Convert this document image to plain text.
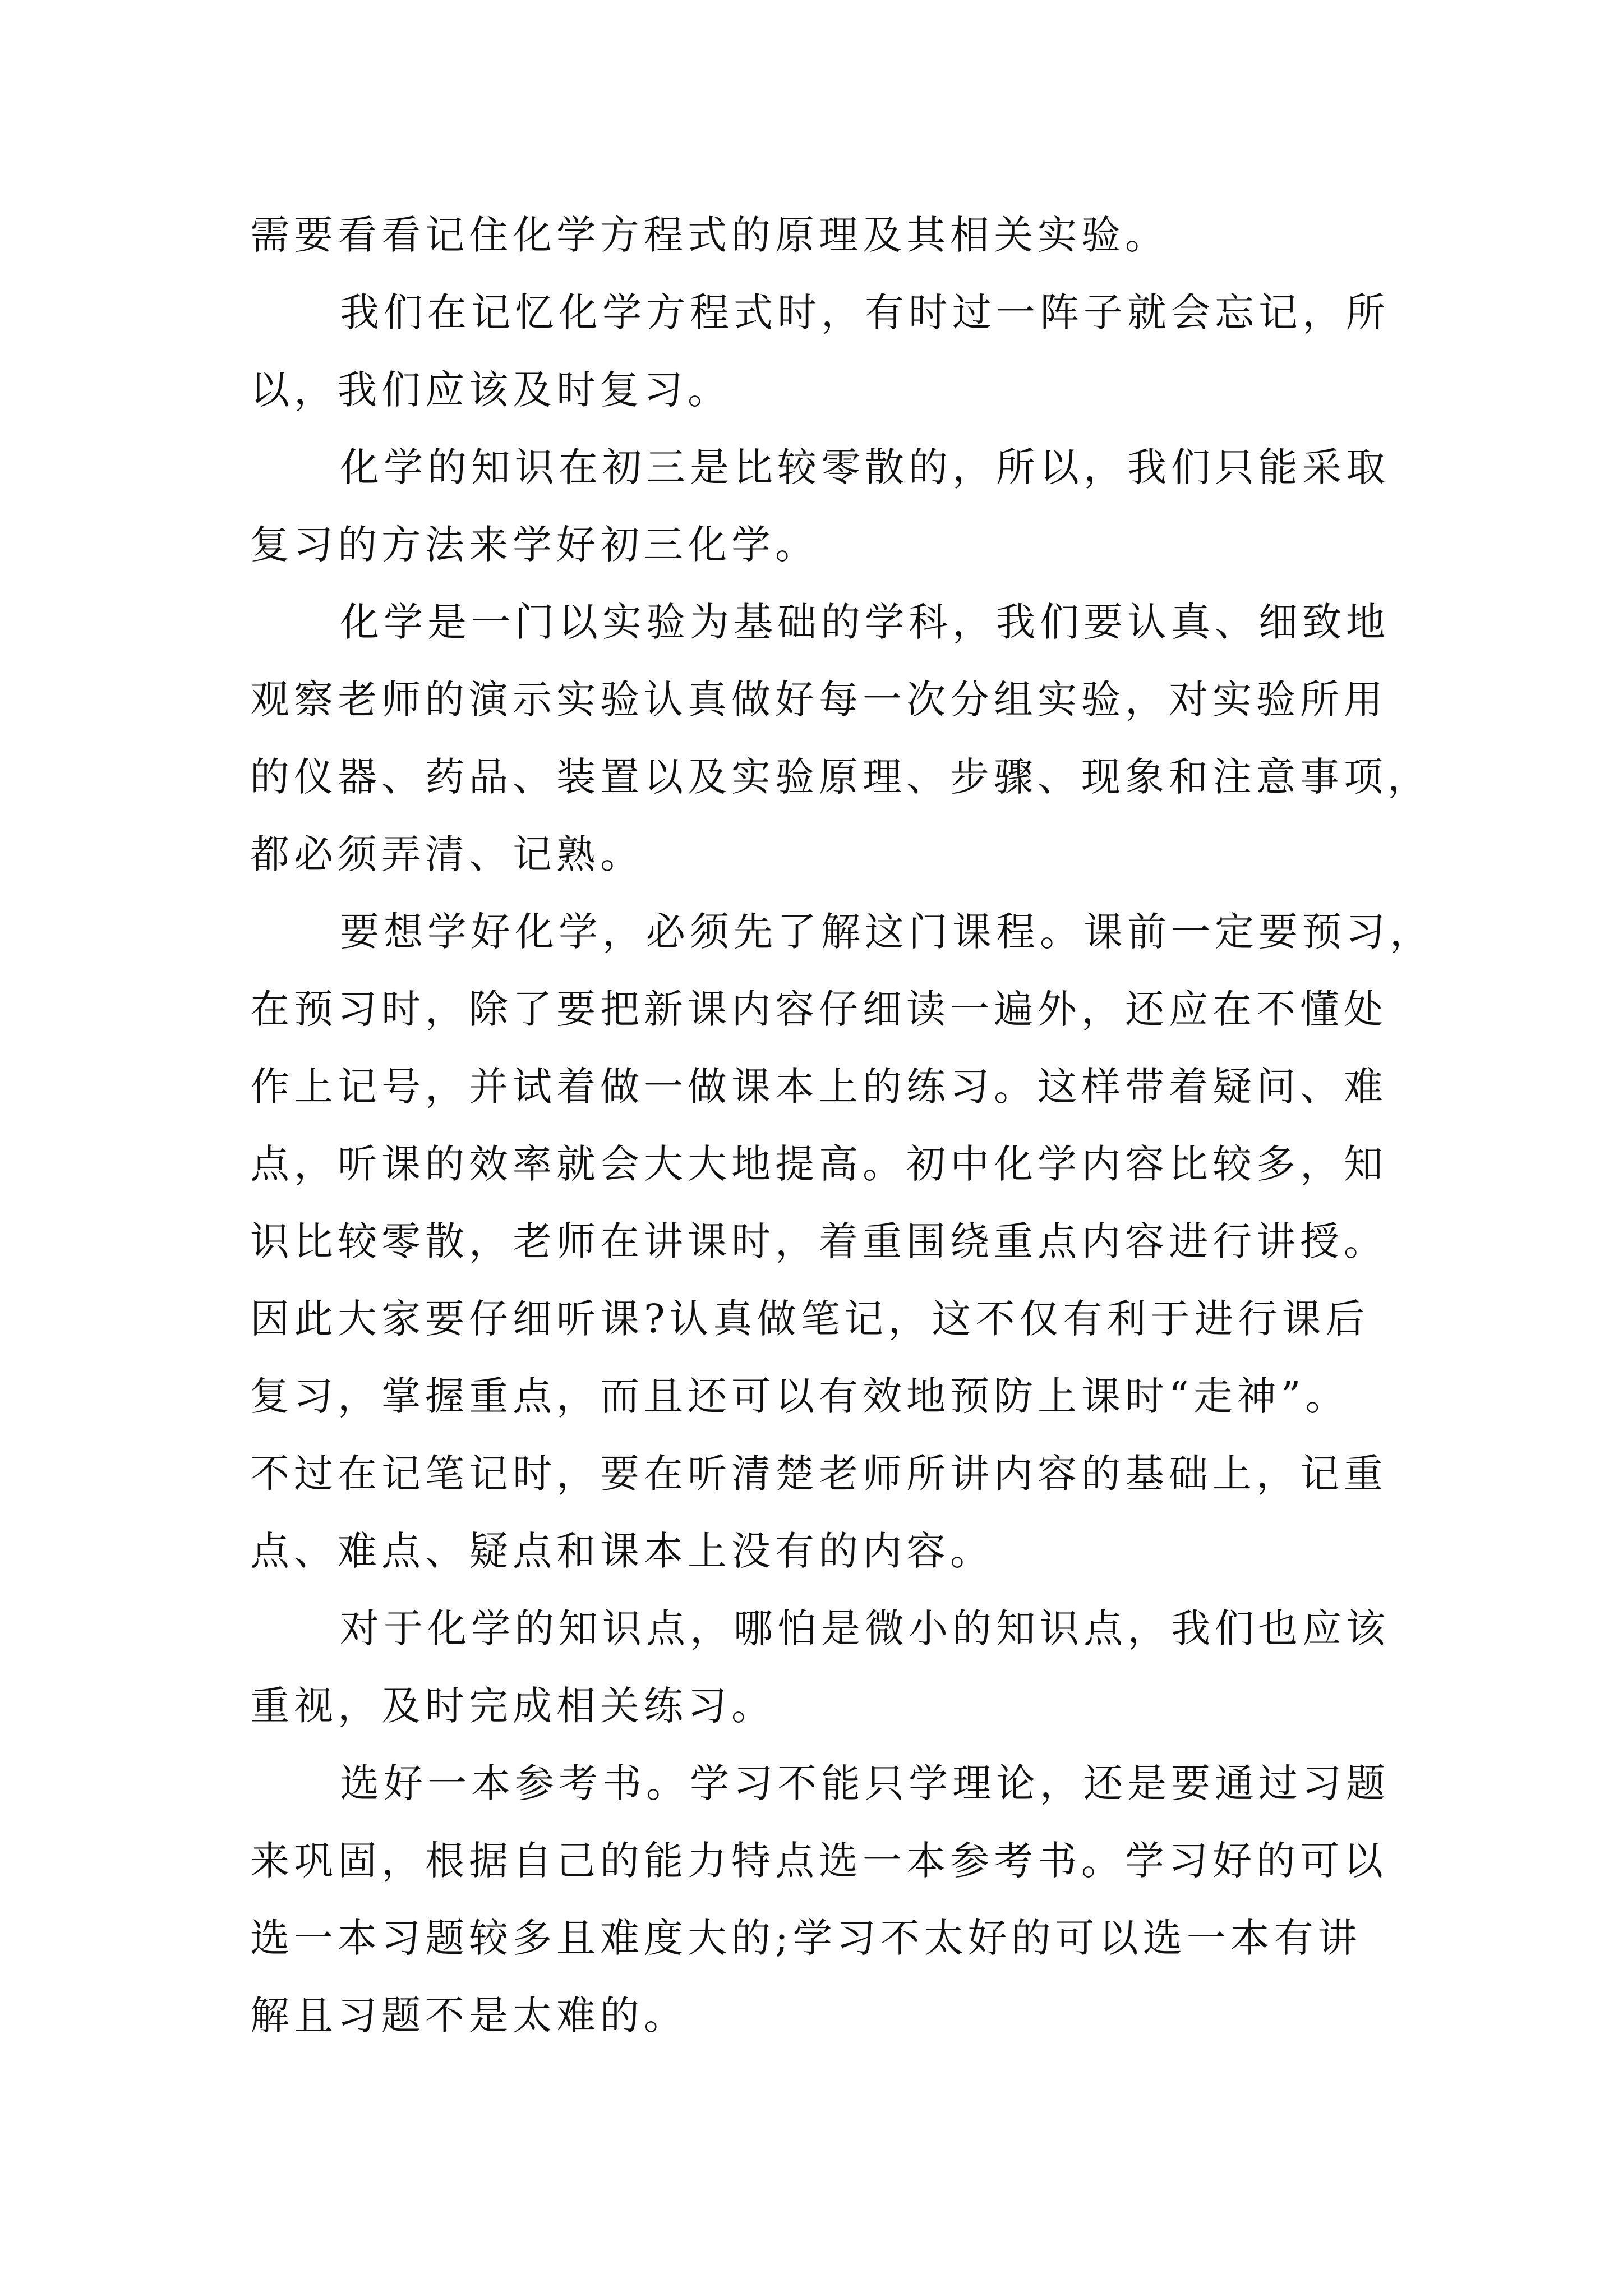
需要看看记住化学方程式的原理及其相关实验。
我们在记忆化学方程式时，有时过一阵子就会忘记，所
以，我们应该及时复习。
化学的知识在初三是比较零散的，所以，我们只能采取
复习的方法来学好初三化学。
化学是一门以实验为基础的学科，我们要认真、细致地
观察老师的演示实验认真做好每一次分组实验，对实验所用
的仪器、药品、装置以及实验原理、步骤、现象和注意事项，
都必须弄清、记熟。
要想学好化学，必须先了解这门课程。课前一定要预习，
在预习时，除了要把新课内容仔细读一遍外，还应在不懂处
作上记号，并试着做一做课本上的练习。这样带着疑问、难
点，听课的效率就会大大地提高。初中化学内容比较多，知
识比较零散，老师在讲课时，着重围绕重点内容进行讲授。
因此大家要仔细听课?认真做笔记，这不仅有利于进行课后
复习，掌握重点，而且还可以有效地预防上课时“走神”。
不过在记笔记时，要在听清楚老师所讲内容的基础上，记重
点、难点、疑点和课本上没有的内容。
对于化学的知识点，哪怕是微小的知识点，我们也应该
重视，及时完成相关练习。
选好一本参考书。学习不能只学理论，还是要通过习题
来巩固，根据自己的能力特点选一本参考书。学习好的可以
选一本习题较多且难度大的;学习不太好的可以选一本有讲
解且习题不是太难的。
